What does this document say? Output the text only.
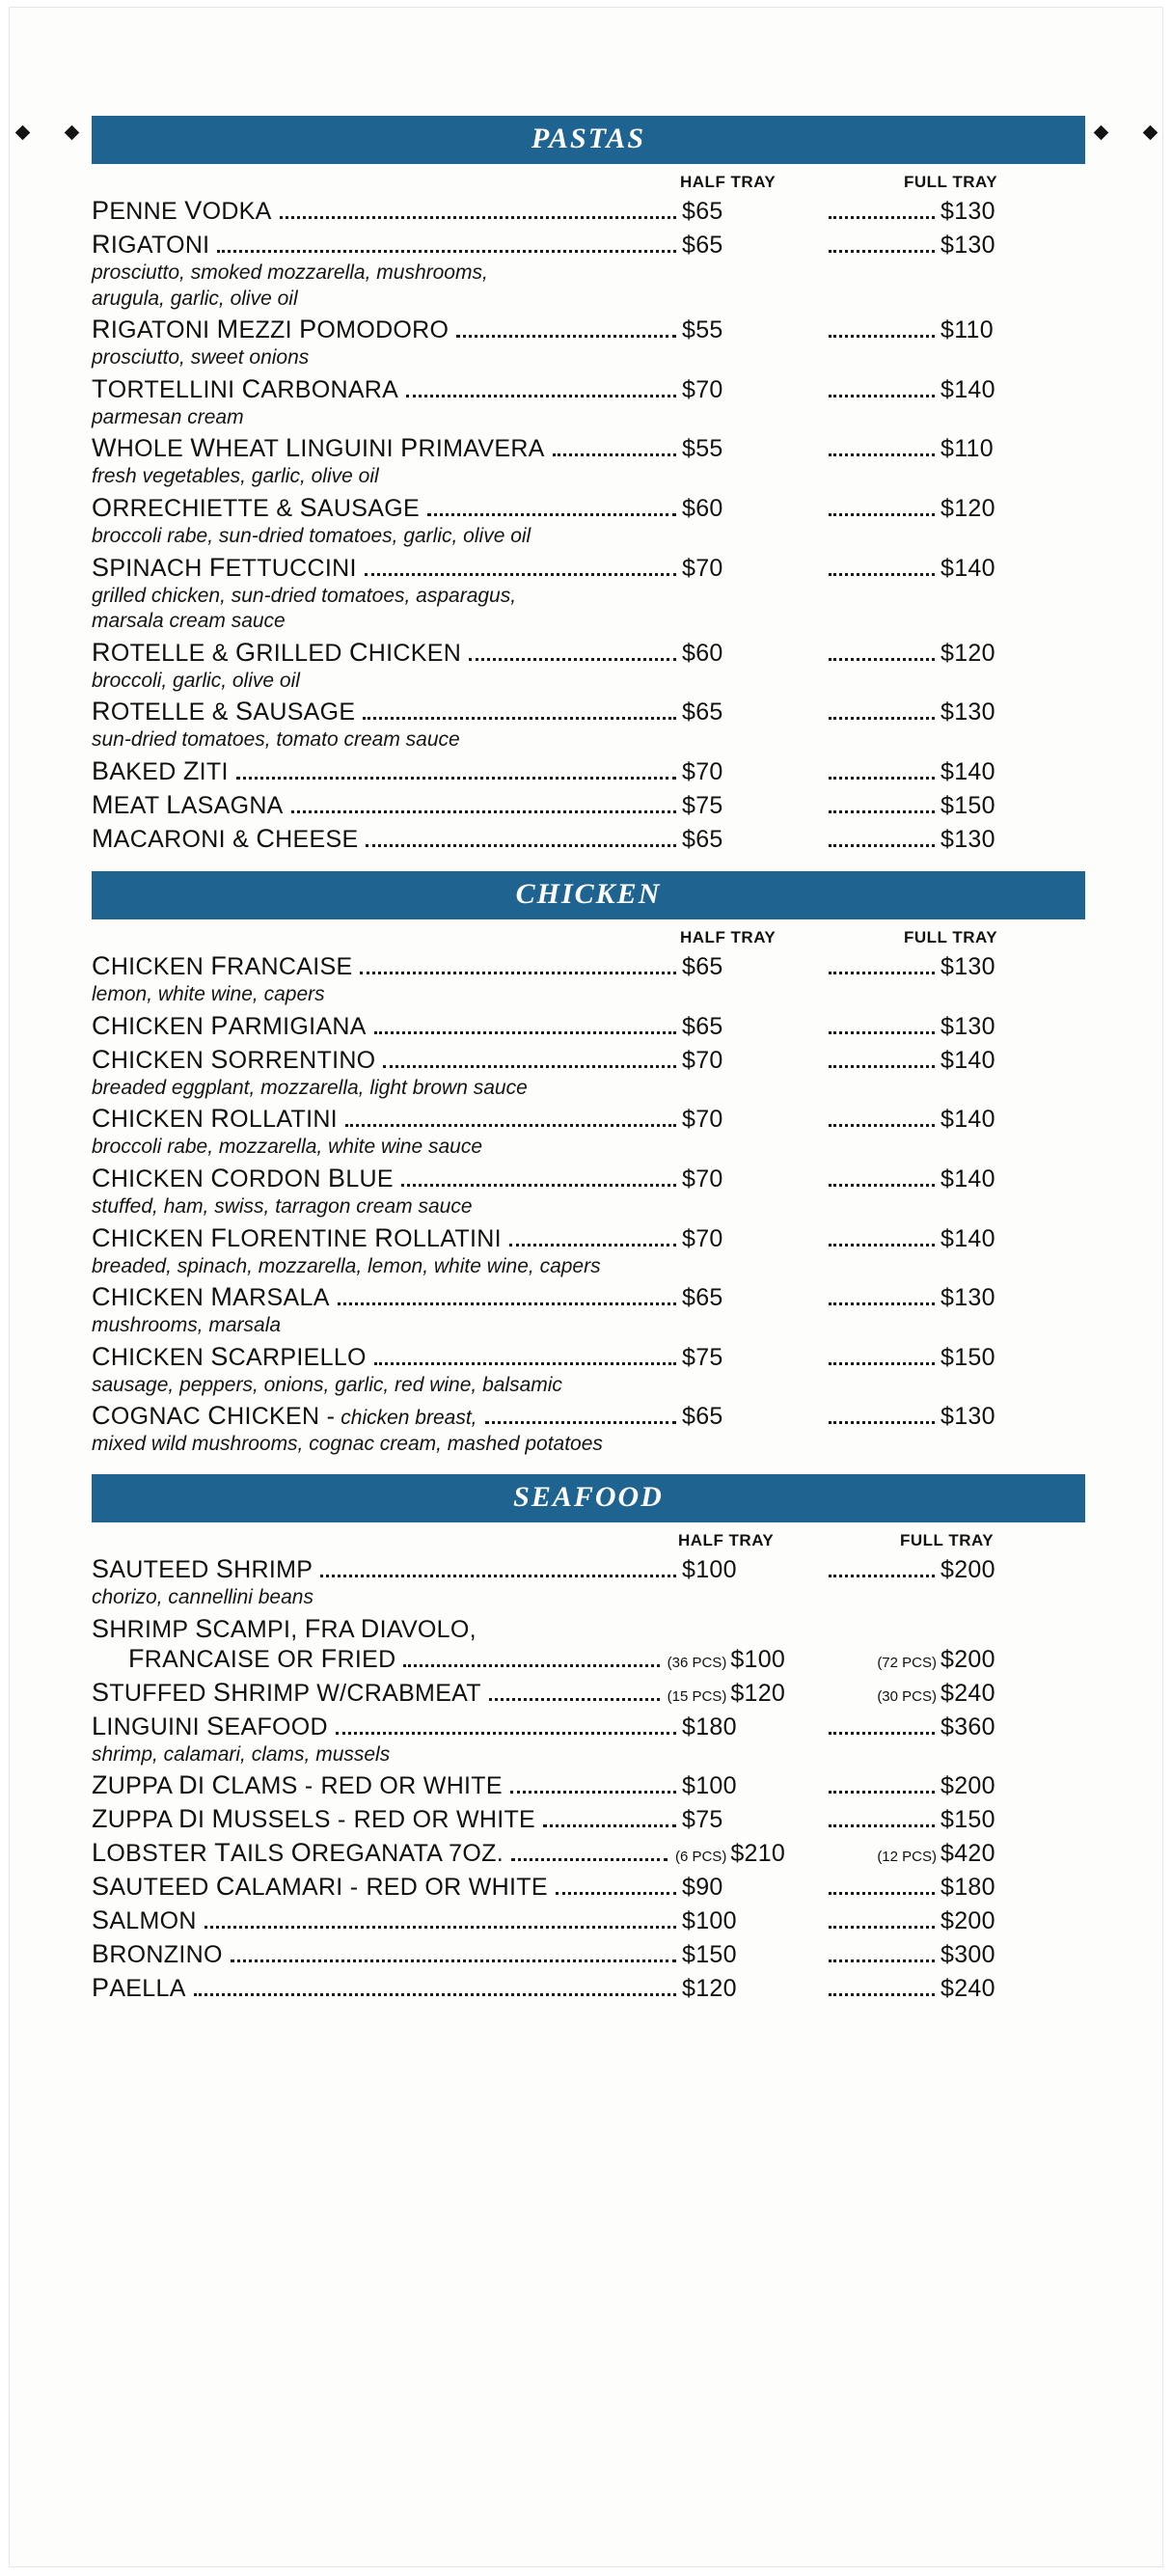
PASTAS
HALF TRAY	FULL TRAY
PENNE VODKA	$65	$130
RIGATONI	$65	$130
prosciutto, smoked mozzarella, mushrooms,
arugula, garlic, olive oil
RIGATONI MEZZI POMODORO	$55	$110
prosciutto, sweet onions
TORTELLINI CARBONARA	$70	$140
parmesan cream
WHOLE WHEAT LINGUINI PRIMAVERA	$55	$110
fresh vegetables, garlic, olive oil
ORRECHIETTE & SAUSAGE	$60	$120
broccoli rabe, sun-dried tomatoes, garlic, olive oil
SPINACH FETTUCCINI	$70	$140
grilled chicken, sun-dried tomatoes, asparagus,
marsala cream sauce
ROTELLE & GRILLED CHICKEN	$60	$120
broccoli, garlic, olive oil
ROTELLE & SAUSAGE	$65	$130
sun-dried tomatoes, tomato cream sauce
BAKED ZITI	$70	$140
MEAT LASAGNA	$75	$150
MACARONI & CHEESE	$65	$130
CHICKEN
HALF TRAY	FULL TRAY
CHICKEN FRANCAISE	$65	$130
lemon, white wine, capers
CHICKEN PARMIGIANA	$65	$130
CHICKEN SORRENTINO	$70	$140
breaded eggplant, mozzarella, light brown sauce
CHICKEN ROLLATINI	$70	$140
broccoli rabe, mozzarella, white wine sauce
CHICKEN CORDON BLUE	$70	$140
stuffed, ham, swiss, tarragon cream sauce
CHICKEN FLORENTINE ROLLATINI	$70	$140
breaded, spinach, mozzarella, lemon, white wine, capers
CHICKEN MARSALA	$65	$130
mushrooms, marsala
CHICKEN SCARPIELLO	$75	$150
sausage, peppers, onions, garlic, red wine, balsamic
COGNAC CHICKEN - chicken breast,	$65	$130
mixed wild mushrooms, cognac cream, mashed potatoes
SEAFOOD
HALF TRAY	FULL TRAY
SAUTEED SHRIMP	$100	$200
chorizo, cannellini beans
SHRIMP SCAMPI, FRA DIAVOLO,
FRANCAISE OR FRIED	(36 PCS) $100	(72 PCS) $200
STUFFED SHRIMP W/CRABMEAT	(15 PCS) $120	(30 PCS) $240
LINGUINI SEAFOOD	$180	$360
shrimp, calamari, clams, mussels
ZUPPA DI CLAMS - RED OR WHITE	$100	$200
ZUPPA DI MUSSELS - RED OR WHITE	$75	$150
LOBSTER TAILS OREGANATA 7OZ.	(6 PCS) $210	(12 PCS) $420
SAUTEED CALAMARI - RED OR WHITE	$90	$180
SALMON	$100	$200
BRONZINO	$150	$300
PAELLA	$120	$240
